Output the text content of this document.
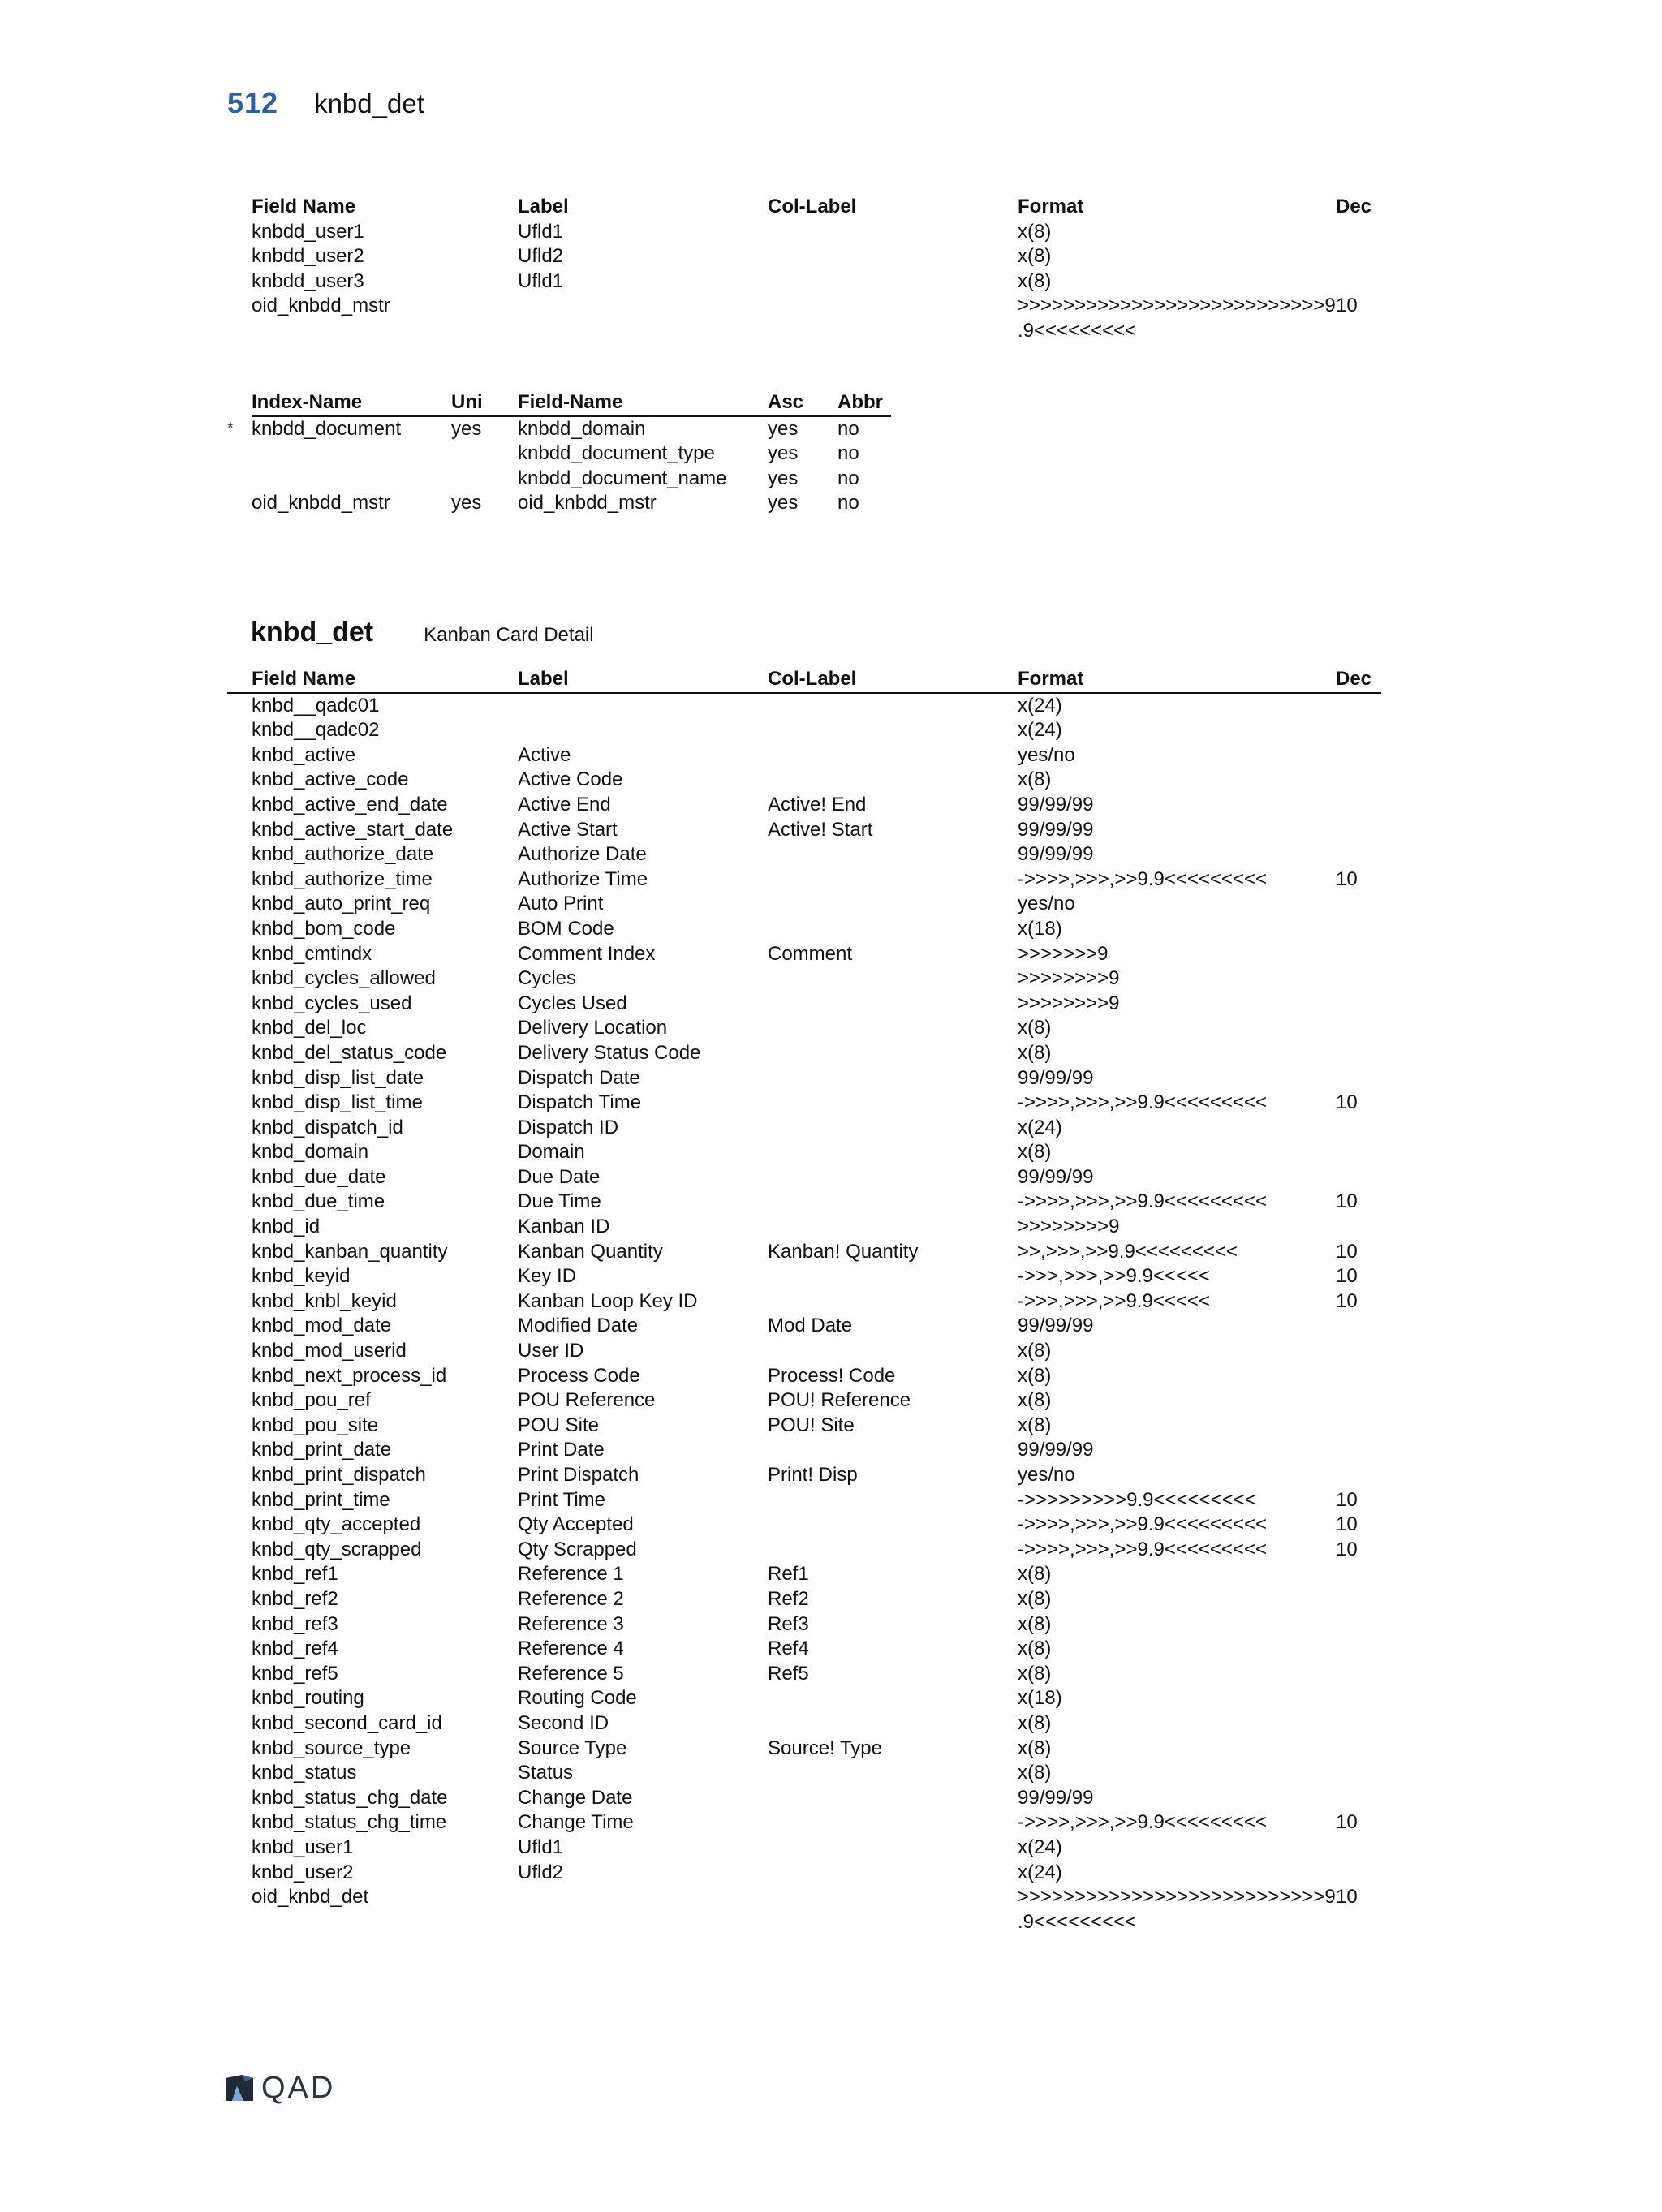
512 knbd_det
Field Name	Label	Col-Label	Format	Dec
knbdd_user1	Ufld1		x(8)	
knbdd_user2	Ufld2		x(8)	
knbdd_user3	Ufld1		x(8)	
oid_knbdd_mstr			>>>>>>>>>>>>>>>>>>>>>>>>>>>9 .9<<<<<<<<<	10
	Index-Name	Uni	Field-Name	Asc	Abbr
*	knbdd_document	yes	knbdd_domain	yes	no
			knbdd_document_type	yes	no
			knbdd_document_name	yes	no
	oid_knbdd_mstr	yes	oid_knbdd_mstr	yes	no
knbd_det	Kanban Card Detail
	Field Name	Label	Col-Label	Format	Dec
	knbd__qadc01			x(24)	
	knbd__qadc02			x(24)	
	knbd_active	Active		yes/no	
	knbd_active_code	Active Code		x(8)	
	knbd_active_end_date	Active End	Active! End	99/99/99	
	knbd_active_start_date	Active Start	Active! Start	99/99/99	
	knbd_authorize_date	Authorize Date		99/99/99	
	knbd_authorize_time	Authorize Time		->>>>,>>>,>>9.9<<<<<<<<<	10
	knbd_auto_print_req	Auto Print		yes/no	
	knbd_bom_code	BOM Code		x(18)	
	knbd_cmtindx	Comment Index	Comment	>>>>>>>9	
	knbd_cycles_allowed	Cycles		>>>>>>>>9	
	knbd_cycles_used	Cycles Used		>>>>>>>>9	
	knbd_del_loc	Delivery Location		x(8)	
	knbd_del_status_code	Delivery Status Code		x(8)	
	knbd_disp_list_date	Dispatch Date		99/99/99	
	knbd_disp_list_time	Dispatch Time		->>>>,>>>,>>9.9<<<<<<<<<	10
	knbd_dispatch_id	Dispatch ID		x(24)	
	knbd_domain	Domain		x(8)	
	knbd_due_date	Due Date		99/99/99	
	knbd_due_time	Due Time		->>>>,>>>,>>9.9<<<<<<<<<	10
	knbd_id	Kanban ID		>>>>>>>>9	
	knbd_kanban_quantity	Kanban Quantity	Kanban! Quantity	>>,>>>,>>9.9<<<<<<<<<	10
	knbd_keyid	Key ID		->>>,>>>,>>9.9<<<<<	10
	knbd_knbl_keyid	Kanban Loop Key ID		->>>,>>>,>>9.9<<<<<	10
	knbd_mod_date	Modified Date	Mod Date	99/99/99	
	knbd_mod_userid	User ID		x(8)	
	knbd_next_process_id	Process Code	Process! Code	x(8)	
	knbd_pou_ref	POU Reference	POU! Reference	x(8)	
	knbd_pou_site	POU Site	POU! Site	x(8)	
	knbd_print_date	Print Date		99/99/99	
	knbd_print_dispatch	Print Dispatch	Print! Disp	yes/no	
	knbd_print_time	Print Time		->>>>>>>>>9.9<<<<<<<<<	10
	knbd_qty_accepted	Qty Accepted		->>>>,>>>,>>9.9<<<<<<<<<	10
	knbd_qty_scrapped	Qty Scrapped		->>>>,>>>,>>9.9<<<<<<<<<	10
	knbd_ref1	Reference 1	Ref1	x(8)	
	knbd_ref2	Reference 2	Ref2	x(8)	
	knbd_ref3	Reference 3	Ref3	x(8)	
	knbd_ref4	Reference 4	Ref4	x(8)	
	knbd_ref5	Reference 5	Ref5	x(8)	
	knbd_routing	Routing Code		x(18)	
	knbd_second_card_id	Second ID		x(8)	
	knbd_source_type	Source Type	Source! Type	x(8)	
	knbd_status	Status		x(8)	
	knbd_status_chg_date	Change Date		99/99/99	
	knbd_status_chg_time	Change Time		->>>>,>>>,>>9.9<<<<<<<<<	10
	knbd_user1	Ufld1		x(24)	
	knbd_user2	Ufld2		x(24)	
	oid_knbd_det			>>>>>>>>>>>>>>>>>>>>>>>>>>>9 .9<<<<<<<<<	10
QAD
